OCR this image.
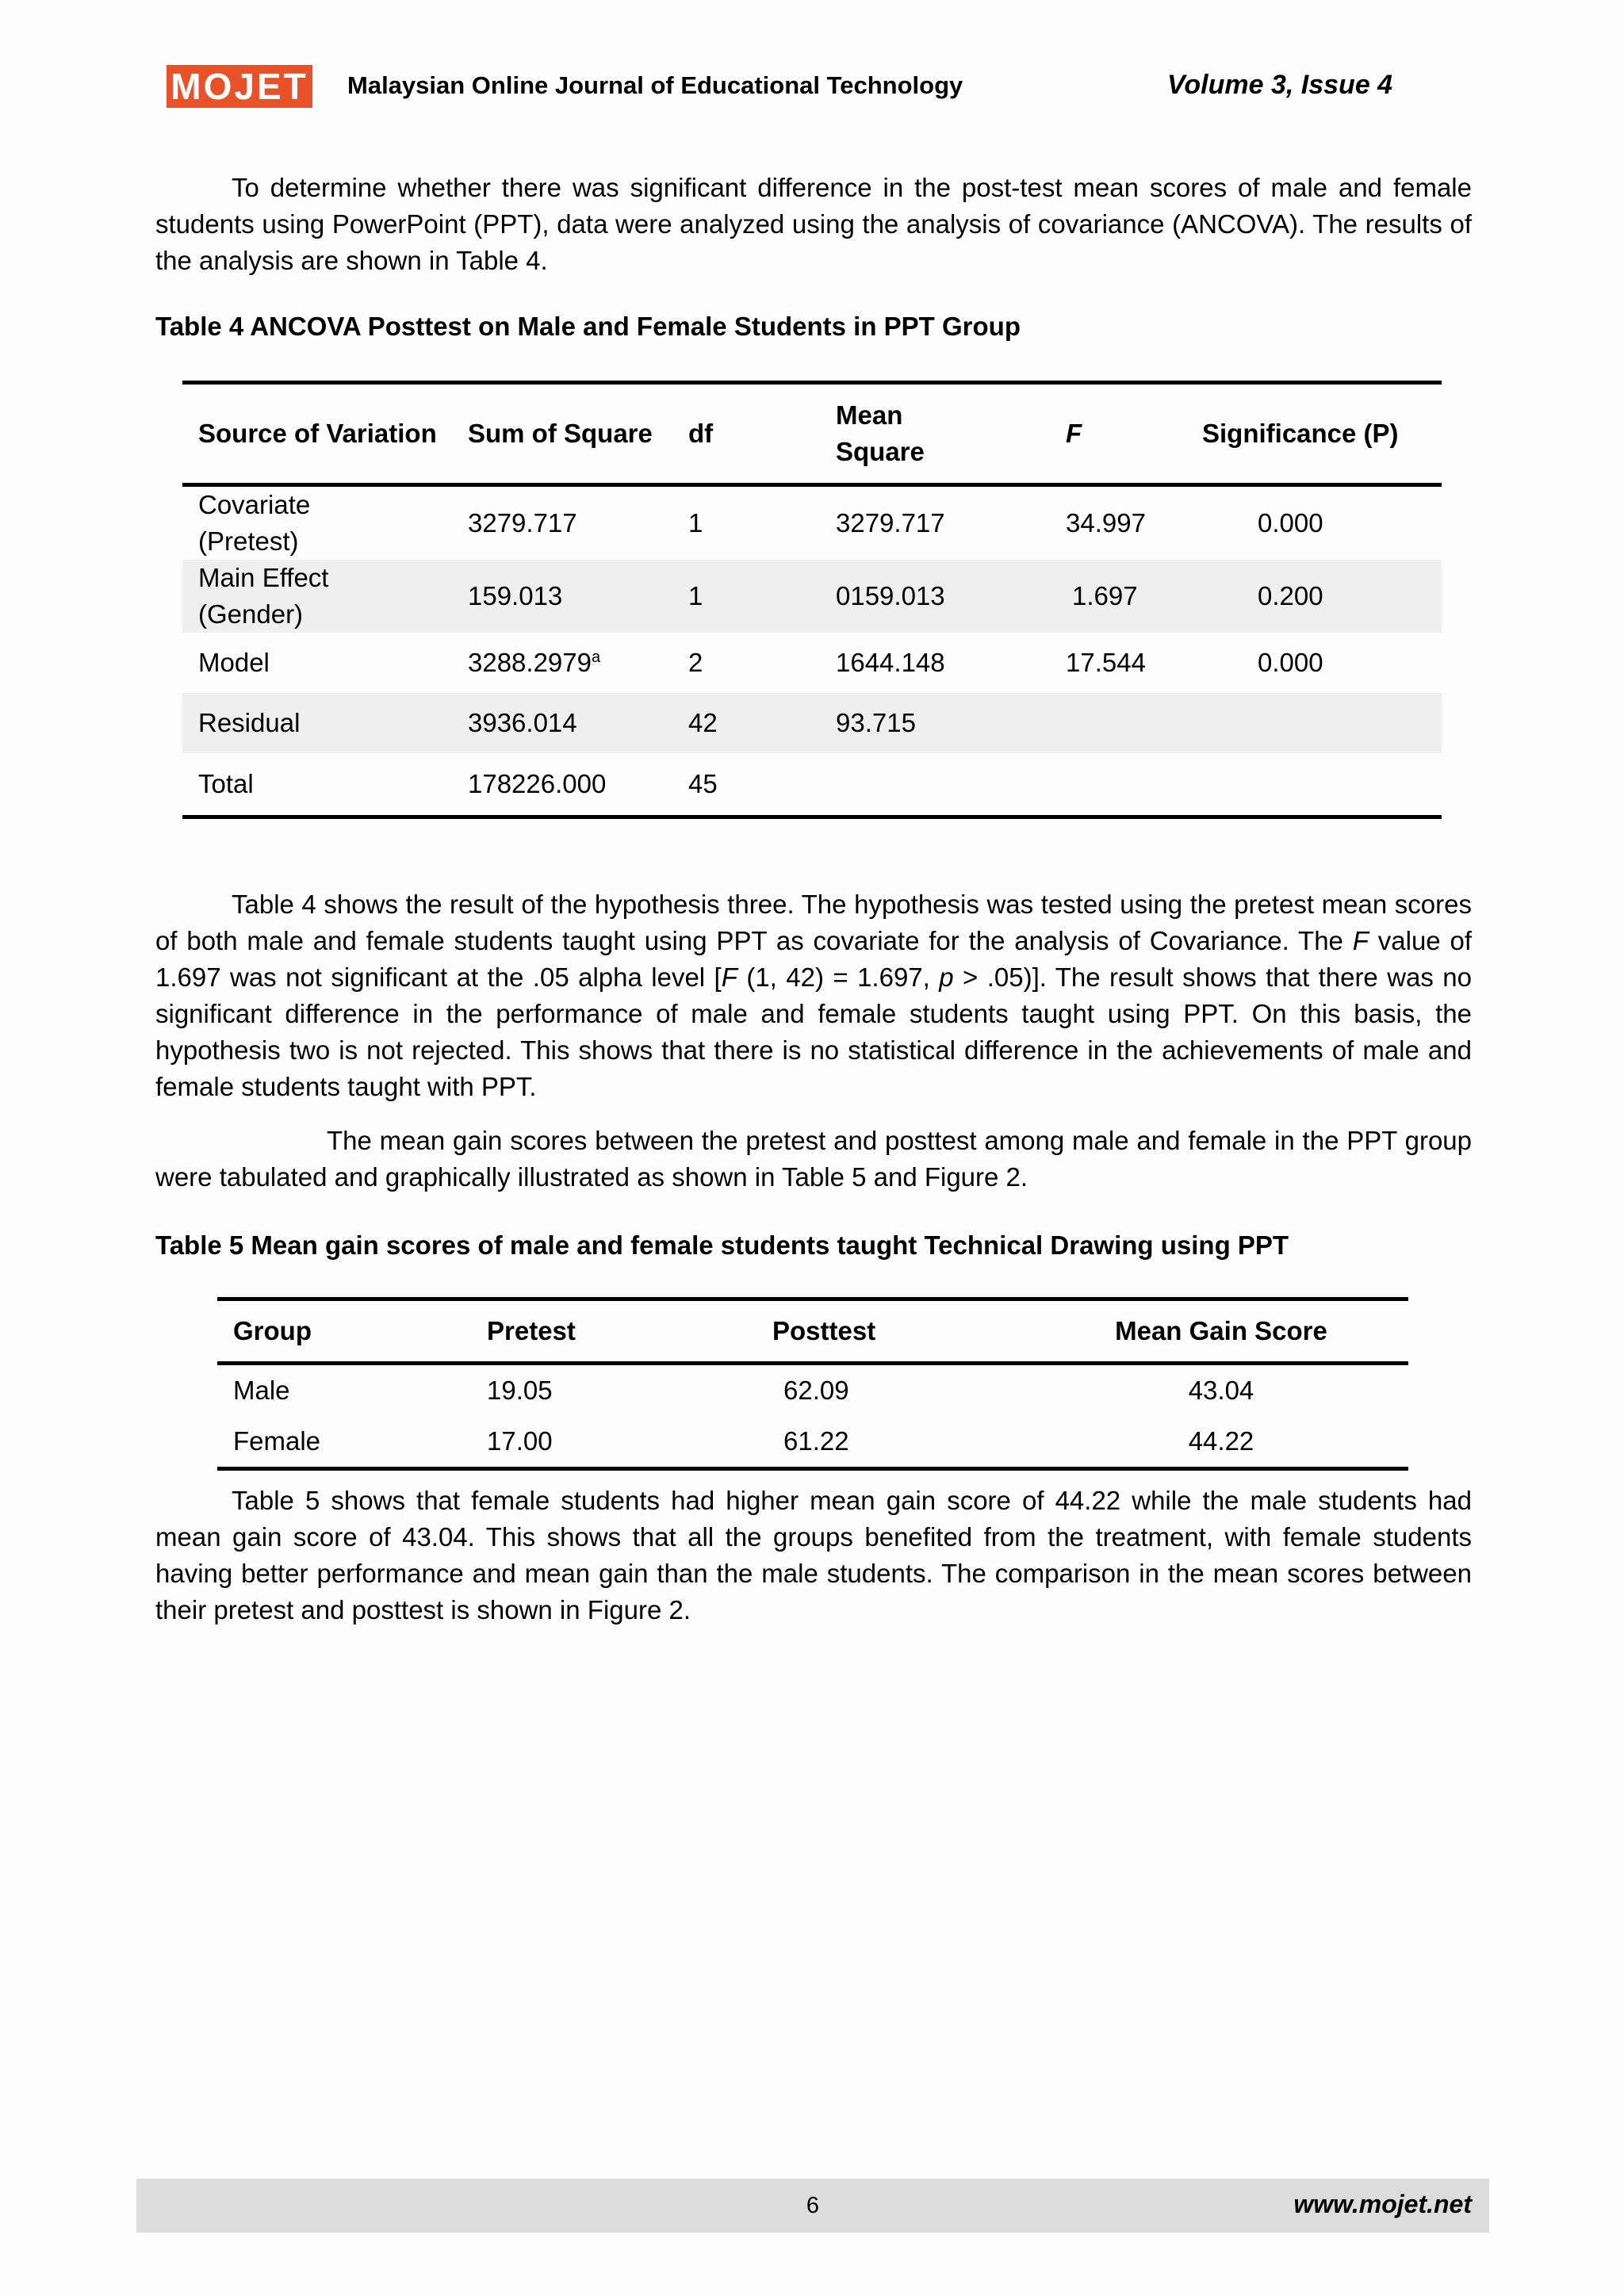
MOJET Malaysian Online Journal of Educational Technology	Volume 3, Issue 4

To determine whether there was significant difference in the post-test mean scores of male and female students using PowerPoint (PPT), data were analyzed using the analysis of covariance (ANCOVA). The results of the analysis are shown in Table 4.

Table 4 ANCOVA Posttest on Male and Female Students in PPT Group

Source of Variation	Sum of Square	df	Mean Square	F	Significance (P)
Covariate (Pretest)	3279.717	1	3279.717	34.997	0.000
Main Effect (Gender)	159.013	1	0159.013	1.697	0.200
Model	3288.2979$^a$	2	1644.148	17.544	0.000
Residual	3936.014	42	93.715		
Total	178226.000	45			

Table 4 shows the result of the hypothesis three. The hypothesis was tested using the pretest mean scores of both male and female students taught using PPT as covariate for the analysis of Covariance. The F value of 1.697 was not significant at the .05 alpha level [F (1, 42) = 1.697, p > .05)]. The result shows that there was no significant difference in the performance of male and female students taught using PPT. On this basis, the hypothesis two is not rejected. This shows that there is no statistical difference in the achievements of male and female students taught with PPT.

The mean gain scores between the pretest and posttest among male and female in the PPT group were tabulated and graphically illustrated as shown in Table 5 and Figure 2.

Table 5 Mean gain scores of male and female students taught Technical Drawing using PPT

Group	Pretest	Posttest	Mean Gain Score
Male	19.05	62.09	43.04
Female	17.00	61.22	44.22

Table 5 shows that female students had higher mean gain score of 44.22 while the male students had mean gain score of 43.04. This shows that all the groups benefited from the treatment, with female students having better performance and mean gain than the male students. The comparison in the mean scores between their pretest and posttest is shown in Figure 2.

6	www.mojet.net
